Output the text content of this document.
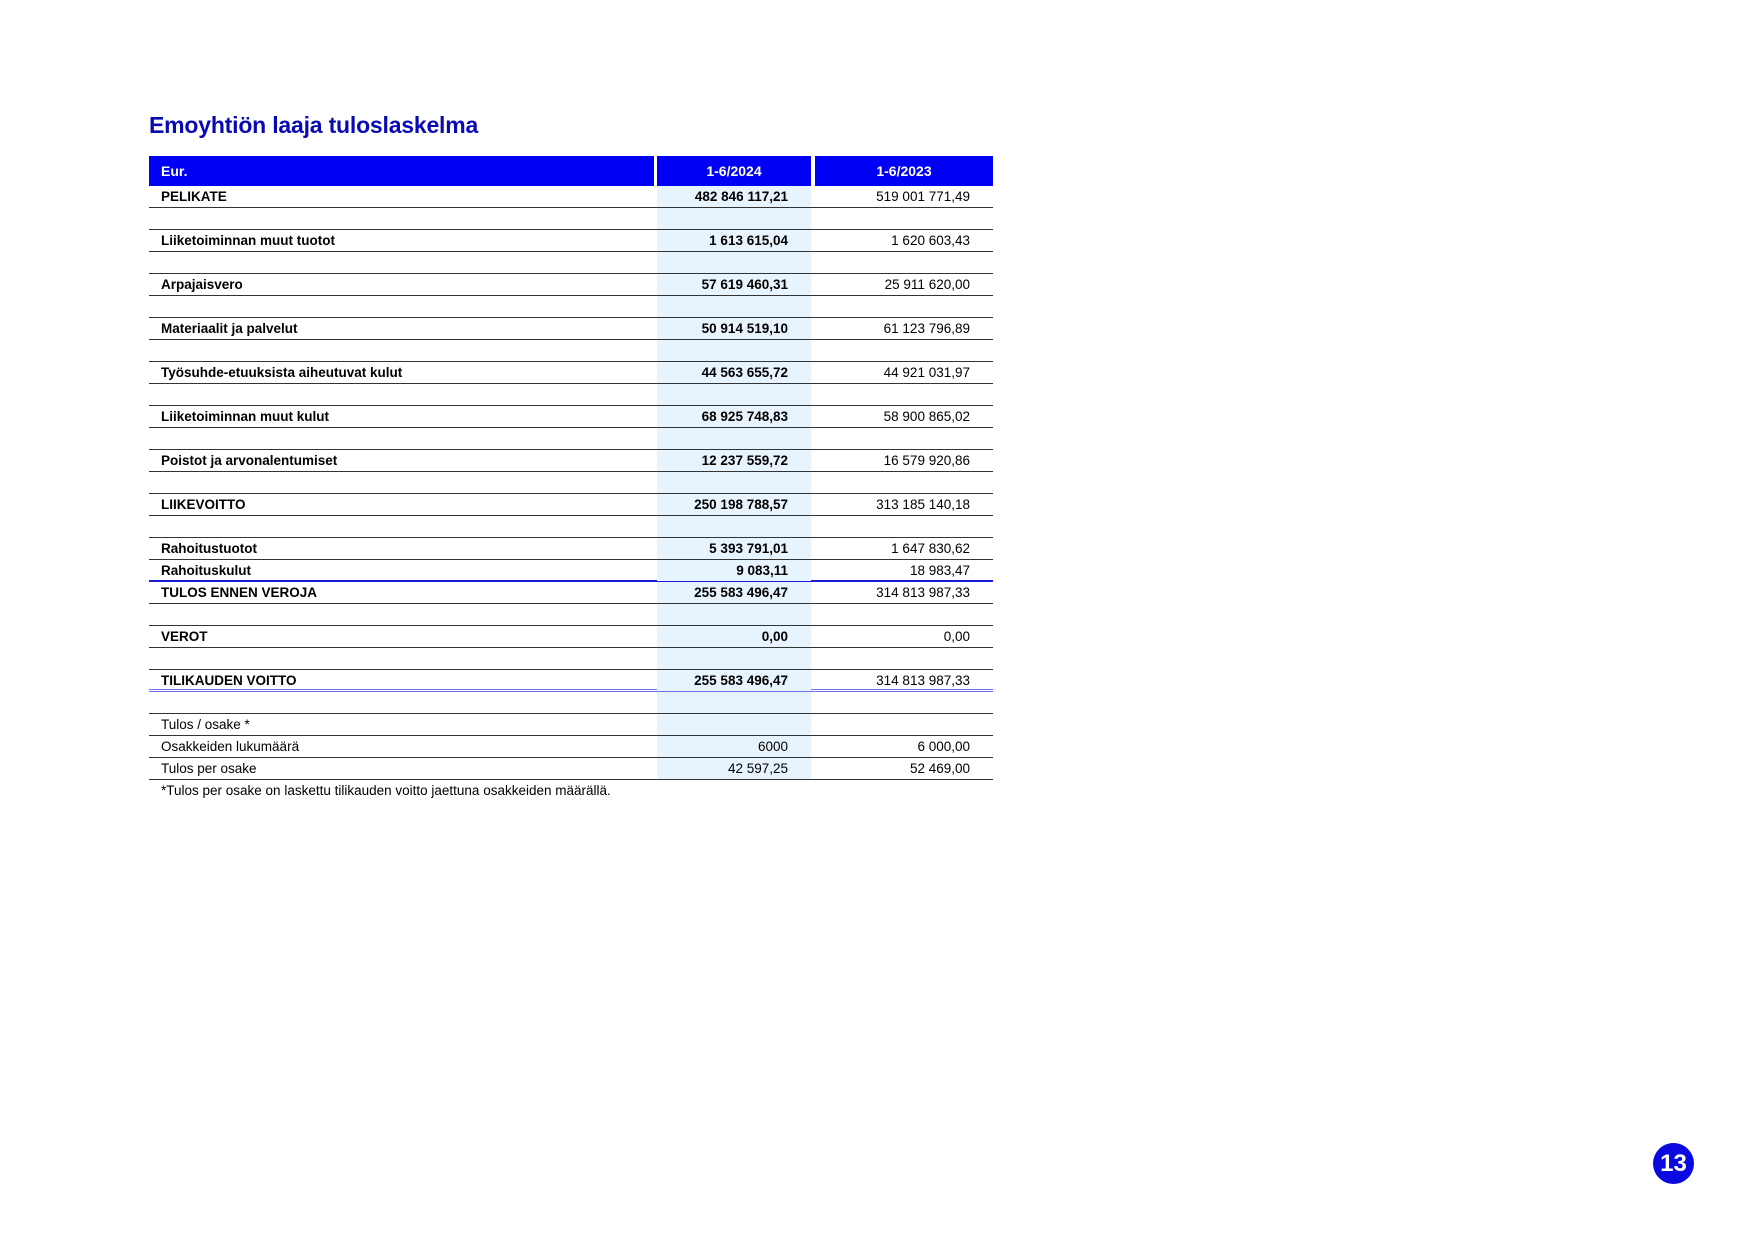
Emoyhtiön laaja tuloslaskelma
Eur.	1-6/2024	1-6/2023
PELIKATE	482 846 117,21	519 001 771,49
Liiketoiminnan muut tuotot	1 613 615,04	1 620 603,43
Arpajaisvero	57 619 460,31	25 911 620,00
Materiaalit ja palvelut	50 914 519,10	61 123 796,89
Työsuhde-etuuksista aiheutuvat kulut	44 563 655,72	44 921 031,97
Liiketoiminnan muut kulut	68 925 748,83	58 900 865,02
Poistot ja arvonalentumiset	12 237 559,72	16 579 920,86
LIIKEVOITTO	250 198 788,57	313 185 140,18
Rahoitustuotot	5 393 791,01	1 647 830,62
Rahoituskulut	9 083,11	18 983,47
TULOS ENNEN VEROJA	255 583 496,47	314 813 987,33
VEROT	0,00	0,00
TILIKAUDEN VOITTO	255 583 496,47	314 813 987,33
Tulos / osake *
Osakkeiden lukumäärä	6000	6 000,00
Tulos per osake	42 597,25	52 469,00
*Tulos per osake on laskettu tilikauden voitto jaettuna osakkeiden määrällä.
13
